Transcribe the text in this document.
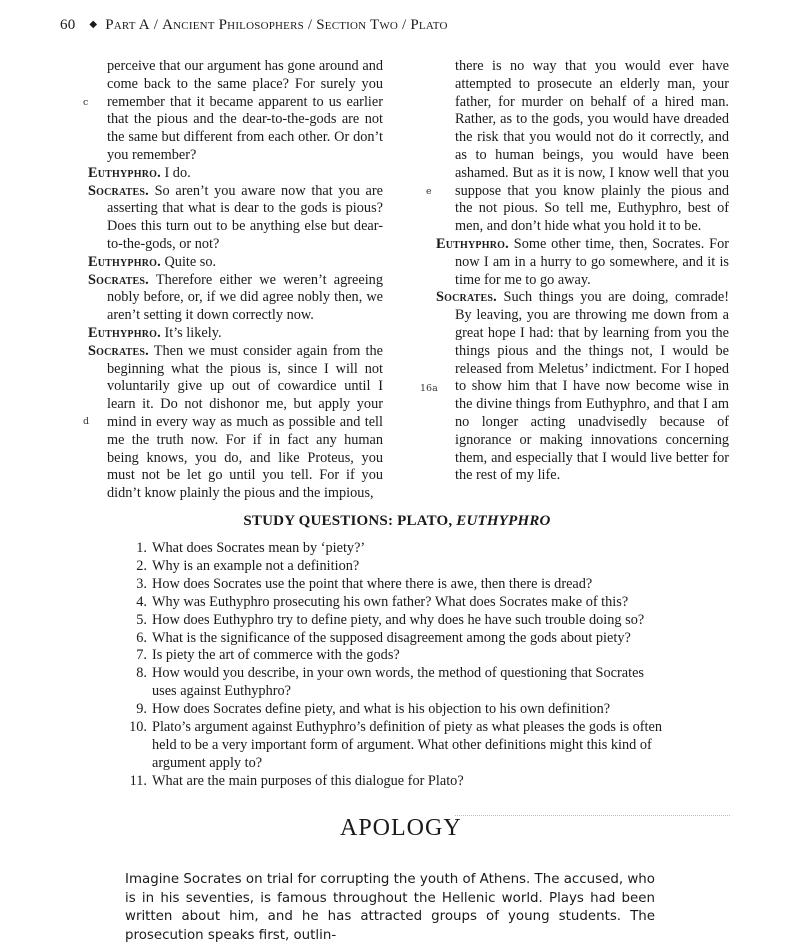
60 ◆ Part A / Ancient Philosophers / Section Two / Plato
c
d
e
16a

perceive that our argument has gone around and come back to the same place? For surely you remember that it became apparent to us earlier that the pious and the dear-to-the-gods are not the same but different from each other. Or don’t you remember?

Euthyphro. I do.

Socrates. So aren’t you aware now that you are asserting that what is dear to the gods is pious? Does this turn out to be anything else but dear-to-the-gods, or not?

Euthyphro. Quite so.

Socrates. Therefore either we weren’t agreeing nobly before, or, if we did agree nobly then, we aren’t setting it down correctly now.

Euthyphro. It’s likely.

Socrates. Then we must consider again from the beginning what the pious is, since I will not voluntarily give up out of cowardice until I learn it. Do not dishonor me, but apply your mind in every way as much as possible and tell me the truth now. For if in fact any human being knows, you do, and like Proteus, you must not be let go until you tell. For if you didn’t know plainly the pious and the impious,

there is no way that you would ever have attempted to prosecute an elderly man, your father, for murder on behalf of a hired man. Rather, as to the gods, you would have dreaded the risk that you would not do it correctly, and as to human beings, you would have been ashamed. But as it is now, I know well that you suppose that you know plainly the pious and the not pious. So tell me, Euthyphro, best of men, and don’t hide what you hold it to be.

Euthyphro. Some other time, then, Socrates. For now I am in a hurry to go somewhere, and it is time for me to go away.

Socrates. Such things you are doing, comrade! By leaving, you are throwing me down from a great hope I had: that by learning from you the things pious and the things not, I would be released from Meletus’ indictment. For I hoped to show him that I have now become wise in the divine things from Euthyphro, and that I am no longer acting unadvisedly because of ignorance or making innovations concerning them, and especially that I would live better for the rest of my life.

STUDY QUESTIONS: PLATO, EUTHYPHRO
1. What does Socrates mean by ‘piety?’
2. Why is an example not a definition?
3. How does Socrates use the point that where there is awe, then there is dread?
4. Why was Euthyphro prosecuting his own father? What does Socrates make of this?
5. How does Euthyphro try to define piety, and why does he have such trouble doing so?
6. What is the significance of the supposed disagreement among the gods about piety?
7. Is piety the art of commerce with the gods?
8. How would you describe, in your own words, the method of questioning that Socrates uses against Euthyphro?
9. How does Socrates define piety, and what is his objection to his own definition?
10. Plato’s argument against Euthyphro’s definition of piety as what pleases the gods is often held to be a very important form of argument. What other definitions might this kind of argument apply to?
11. What are the main purposes of this dialogue for Plato?
APOLOGY
Imagine Socrates on trial for corrupting the youth of Athens. The accused, who is in his seventies, is famous throughout the Hellenic world. Plays had been written about him, and he has attracted groups of young students. The prosecution speaks first, outlin-
